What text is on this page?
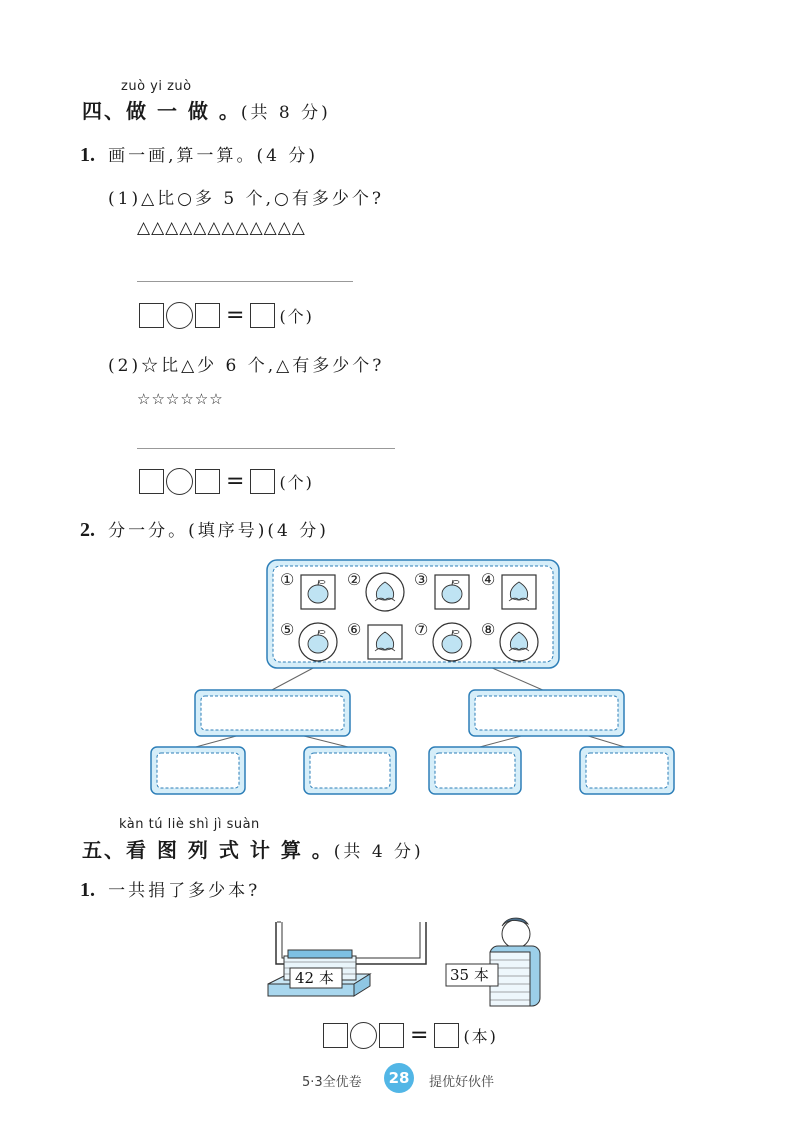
zuò yi zuò
四、做 一 做 。(共 8 分)
1. 画一画,算一算。(4 分)
(1)△比○多 5 个,○有多少个?
△△△△△△△△△△△△
= (个)
(2)☆比△少 6 个,△有多少个?
☆☆☆☆☆☆
= (个)
2. 分一分。(填序号)(4 分)
①	②	③	④
⑤	⑥	⑦	⑧
kàn tú liè shì jì suàn
五、看 图 列 式 计 算 。(共 4 分)
1. 一共捐了多少本?
42 本	35 本
= (本)
5·3全优卷	28	提优好伙伴
